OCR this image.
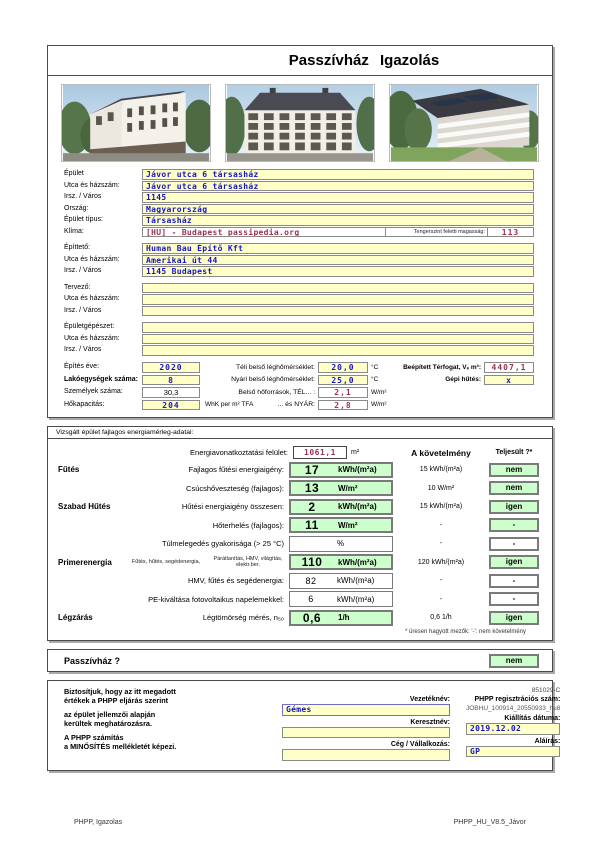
Passzívház Igazolás
Épület	Jávor utca 6 társasház
Utca és házszám:	Jávor utca 6 társasház
Irsz. / Város	1145
Ország:	Magyarország
Épület típus:	Társasház
Klíma:	[HU] - Budapest passipedia.org	Tengerszint feletti magasság:	113
Építtető:	Human Bau Építő Kft
Utca és házszám:	Amerikai út 44
Irsz. / Város	1145 Budapest
Tervező:
Utca és házszám:
Irsz. / Város
Épületgépészet:
Utca és házszám:
Irsz. / Város
Építés éve:	2020	Téli belső léghőmérséklet:	20,0	°C	Beépített Térfogat, Vₑ m³:	4407,1
Lakóegységek száma:	8	Nyári belső léghőmérséklet:	25,0	°C	Gépi hűtés:	x
Személyek száma:	30,3	Belső hőforrások, TÉL... :	2,1	W/m²
Hőkapacitás:	204	WhK per m² TFA	... és NYÁR:	2,8	W/m²
Vizsgált épület fajlagos energiamérleg-adatai:
Energiavonatkoztatási felület:	1061,1	m²	A követelmény	Teljesült ?*
Fűtés	Fajlagos fűtési energiaigény:	17	kWh/(m²a)	15 kWh/(m²a)	nem
Csúcshőveszteség (fajlagos):	13	W/m²	10 W/m²	nem
Szabad Hűtés	Hűtési energiaigény összesen:	2	kWh/(m²a)	15 kWh/(m²a)	igen
Hőterhelés (fajlagos):	11	W/m²	-	-
Túlmelegedés gyakorisága (> 25 °C)	%	-	-
Primerenergia	Fűtés, hűtés, segédenergia,
Párátlanítás, HMV, világítás, elektr.ber.	110	kWh/(m²a)	120 kWh/(m²a)	igen
HMV, fűtés és segédenergia:	82	kWh/(m²a)	-	-
PE-kiváltása fotovoltaikus napelemekkel:	6	kWh/(m²a)	-	-
Légzárás	Légtömörség mérés, n₅₀	0,6	1/h	0,6 1/h	igen
* üresen hagyott mezők: '-': nem követelmény
Passzívház ?	nem
Biztosítjuk, hogy az itt megadott
értékek a PHPP eljárás szerint
az épület jellemzői alapján
kerültek meghatározásra.
A PHPP számítás
a MINŐSÍTÉS mellékletét képezi.
Vezetéknév:
Gémes
Keresztnév:
Cég / Vállalkozás:
851029-C
PHPP regisztrációs szám:
JOBHU_100914_20550933_hu8
Kiállítás dátuma:
2019.12.02
Aláírás:
GP
PHPP, Igazolas	PHPP_HU_V8.5_Jávor
